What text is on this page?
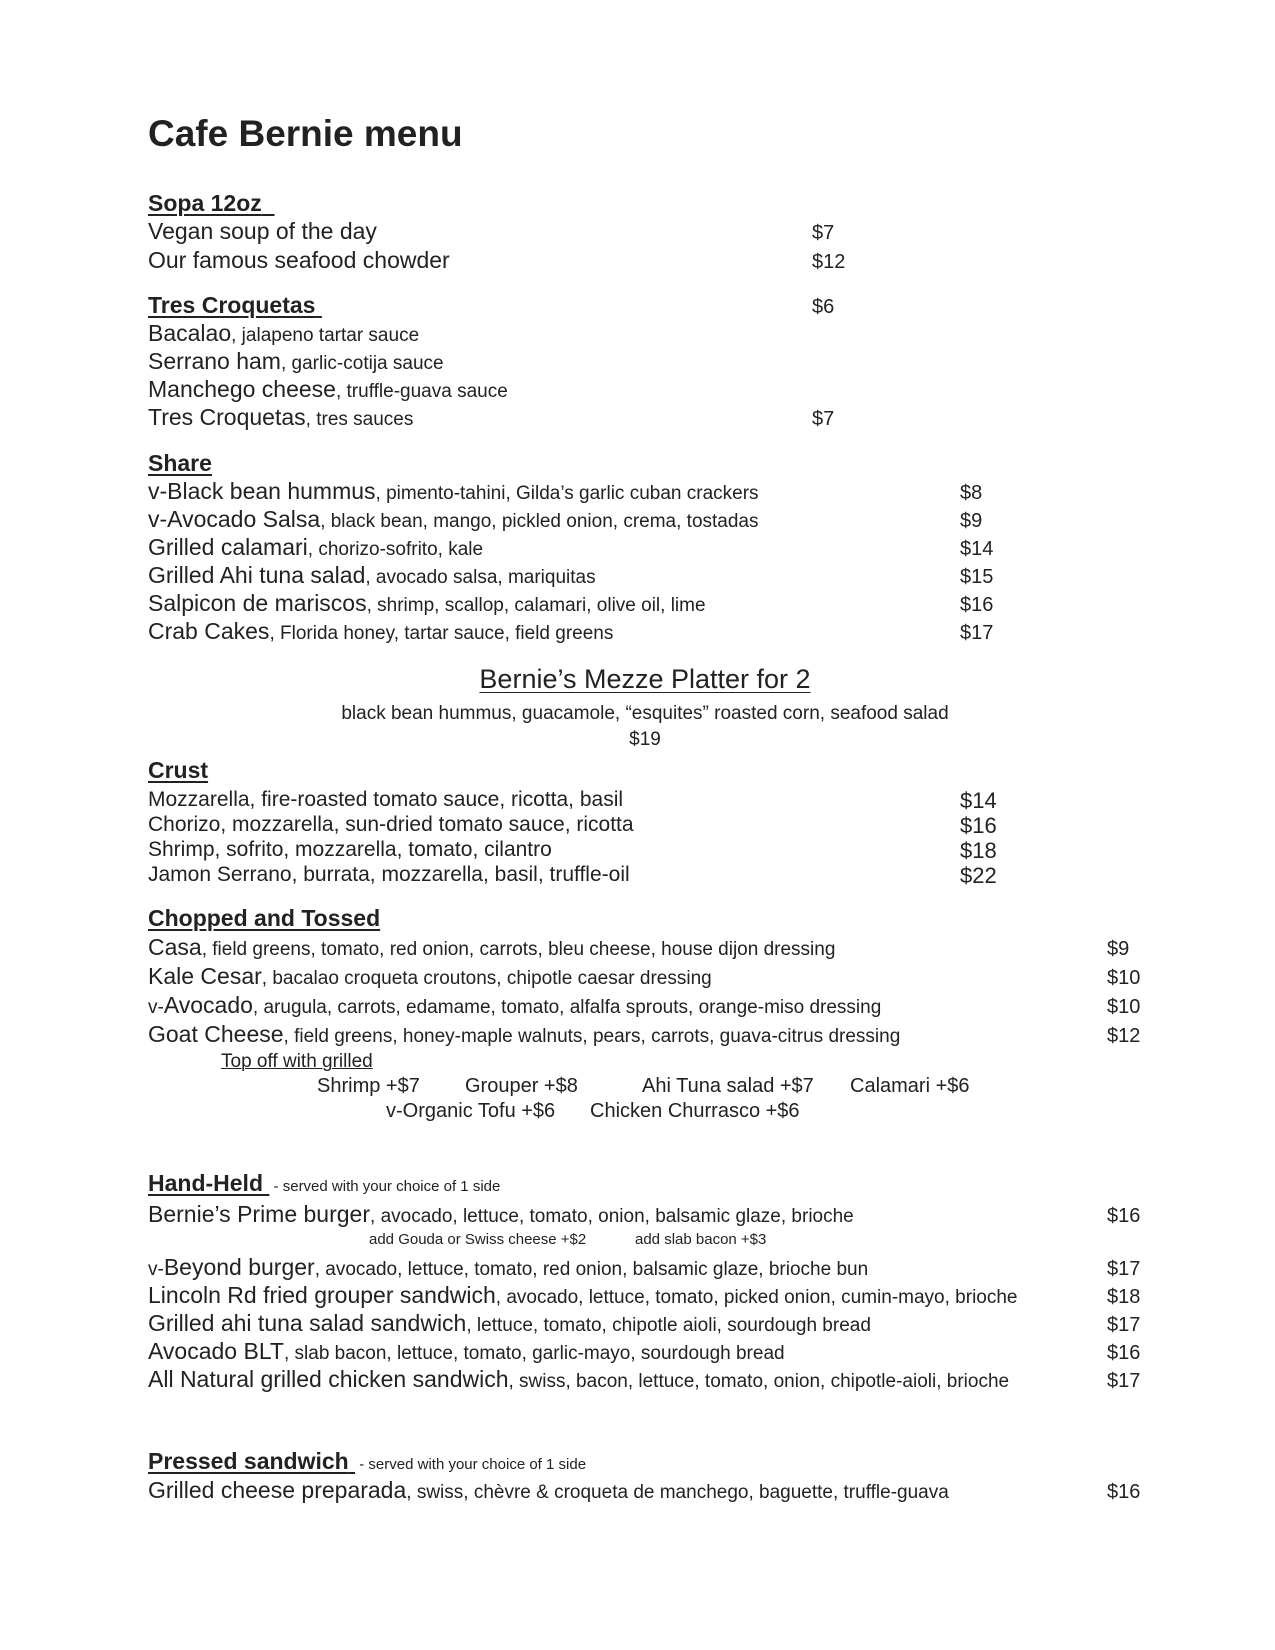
Cafe Bernie menu
Sopa 12oz
Vegan soup of the day	$7
Our famous seafood chowder	$12
Tres Croquetas	$6
Bacalao, jalapeno tartar sauce
Serrano ham, garlic-cotija sauce
Manchego cheese, truffle-guava sauce
Tres Croquetas, tres sauces	$7
Share
v-Black bean hummus, pimento-tahini, Gilda’s garlic cuban crackers	$8
v-Avocado Salsa, black bean, mango, pickled onion, crema, tostadas	$9
Grilled calamari, chorizo-sofrito, kale	$14
Grilled Ahi tuna salad, avocado salsa, mariquitas	$15
Salpicon de mariscos, shrimp, scallop, calamari, olive oil, lime	$16
Crab Cakes, Florida honey, tartar sauce, field greens	$17
Bernie’s Mezze Platter for 2
black bean hummus, guacamole, “esquites” roasted corn, seafood salad
$19
Crust
Mozzarella, fire-roasted tomato sauce, ricotta, basil	$14
Chorizo, mozzarella, sun-dried tomato sauce, ricotta	$16
Shrimp, sofrito, mozzarella, tomato, cilantro	$18
Jamon Serrano, burrata, mozzarella, basil, truffle-oil	$22
Chopped and Tossed
Casa, field greens, tomato, red onion, carrots, bleu cheese, house dijon dressing	$9
Kale Cesar, bacalao croqueta croutons, chipotle caesar dressing	$10
v-Avocado, arugula, carrots, edamame, tomato, alfalfa sprouts, orange-miso dressing	$10
Goat Cheese, field greens, honey-maple walnuts, pears, carrots, guava-citrus dressing	$12
Top off with grilled
Shrimp +$7 Grouper +$8	Ahi Tuna salad +$7 Calamari +$6
v-Organic Tofu +$6 Chicken Churrasco +$6
Hand-Held  - served with your choice of 1 side
Bernie’s Prime burger, avocado, lettuce, tomato, onion, balsamic glaze, brioche	$16
add Gouda or Swiss cheese +$2	add slab bacon +$3
v-Beyond burger, avocado, lettuce, tomato, red onion, balsamic glaze, brioche bun	$17
Lincoln Rd fried grouper sandwich, avocado, lettuce, tomato, picked onion, cumin-mayo, brioche	$18
Grilled ahi tuna salad sandwich, lettuce, tomato, chipotle aioli, sourdough bread	$17
Avocado BLT, slab bacon, lettuce, tomato, garlic-mayo, sourdough bread	$16
All Natural grilled chicken sandwich, swiss, bacon, lettuce, tomato, onion, chipotle-aioli, brioche	$17
Pressed sandwich  - served with your choice of 1 side
Grilled cheese preparada, swiss, chèvre & croqueta de manchego, baguette, truffle-guava	$16
